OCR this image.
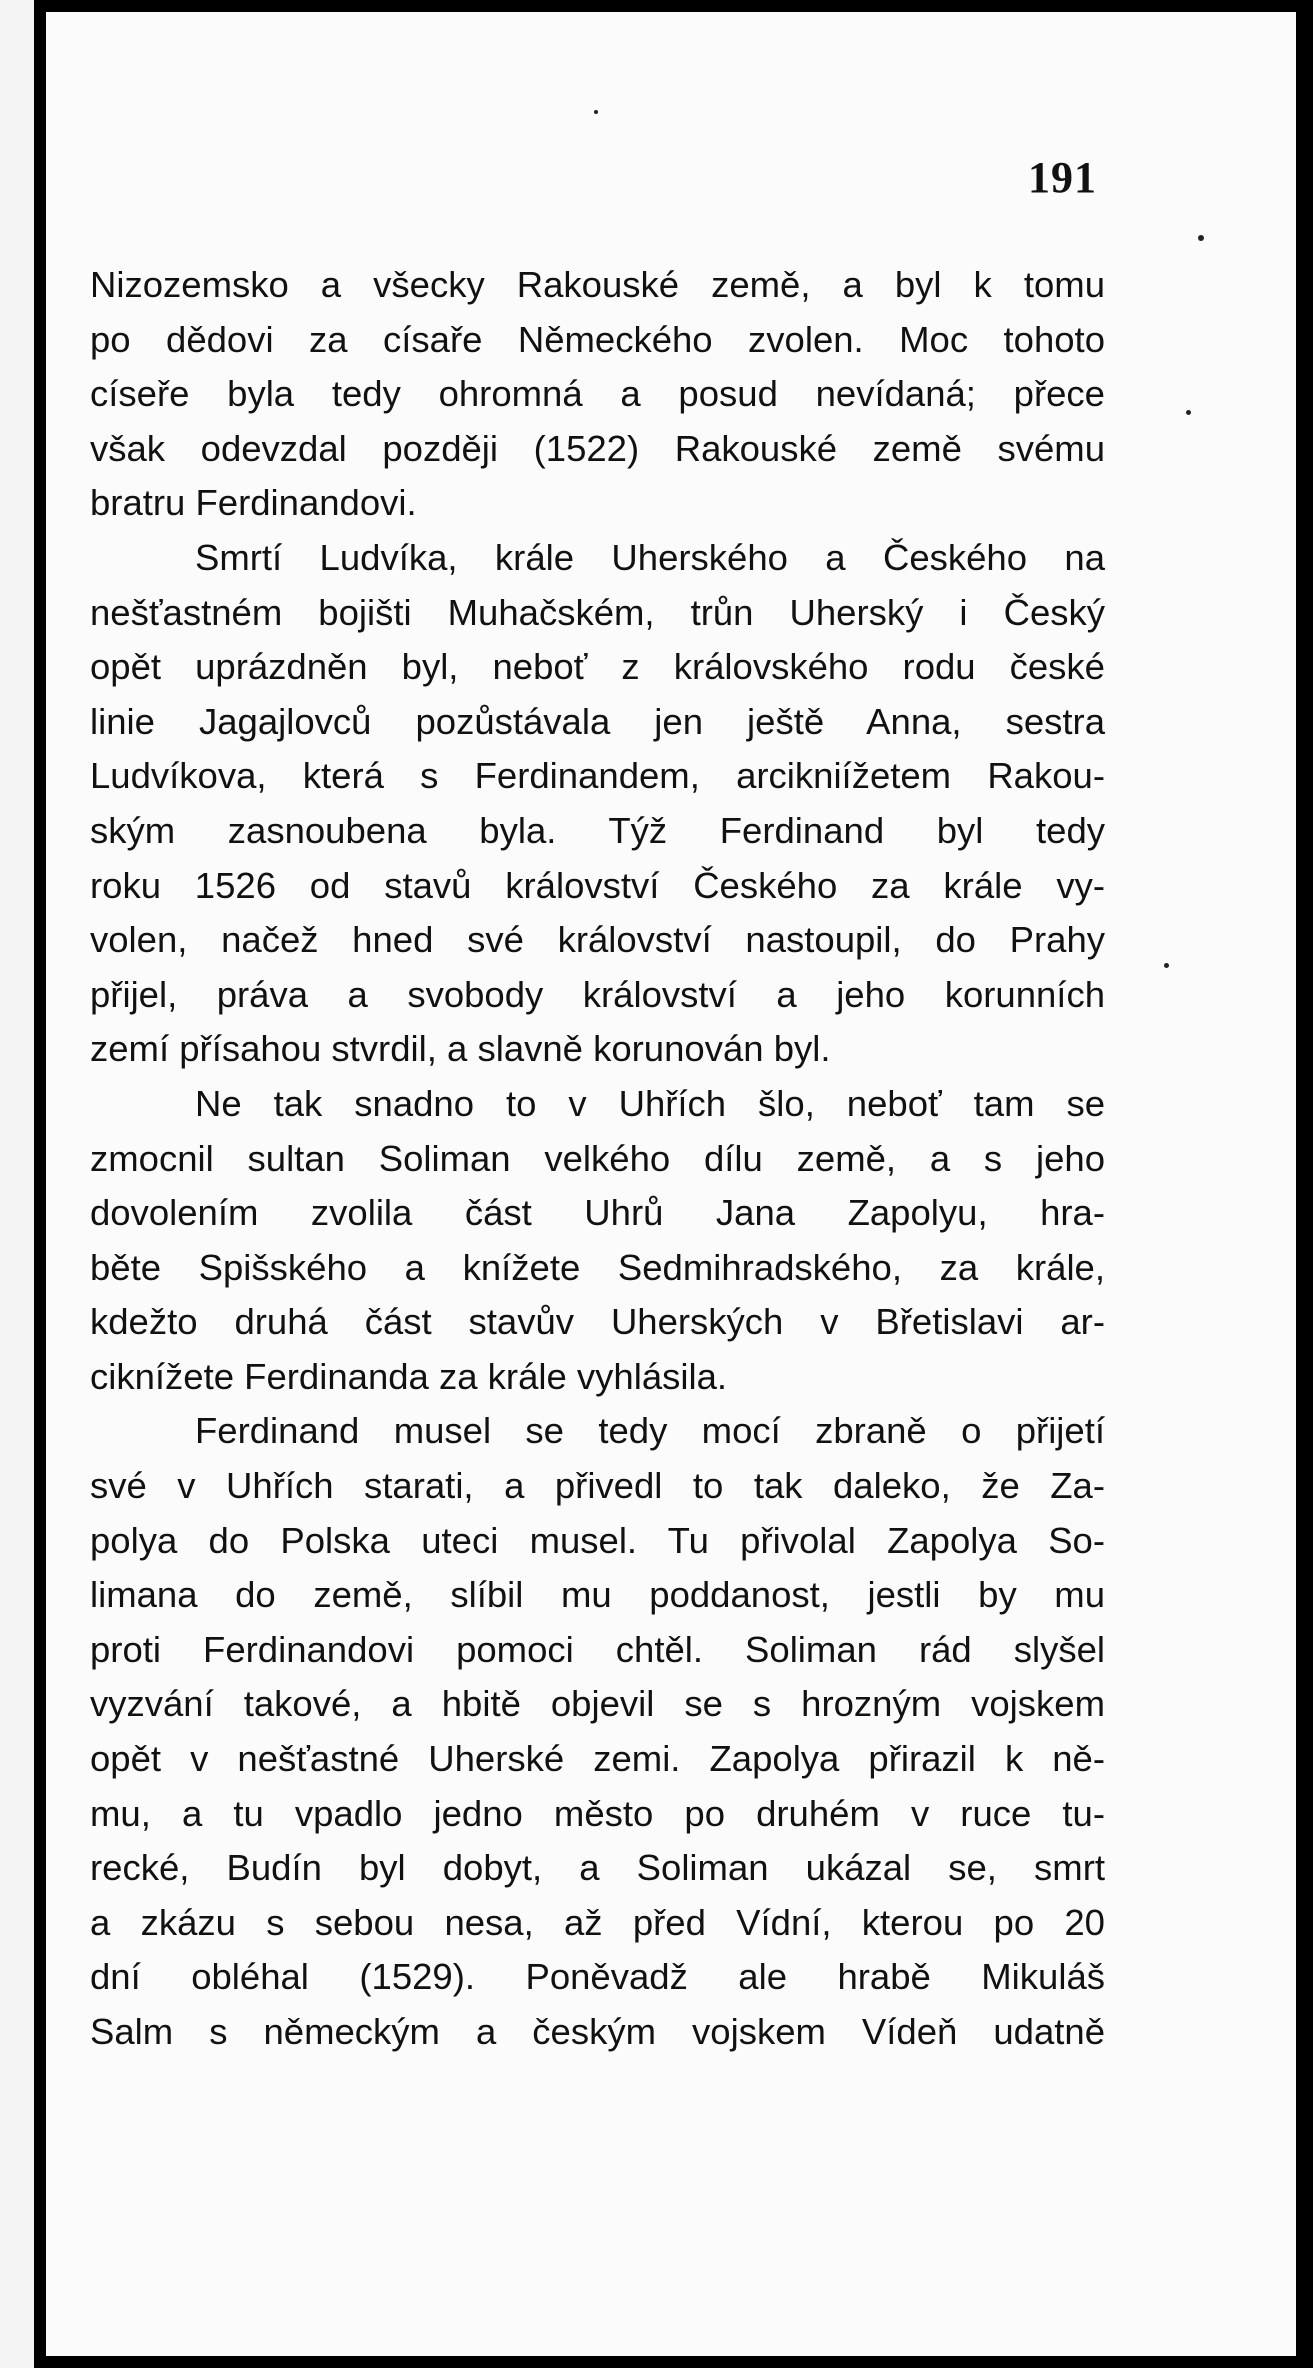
191
Nizozemsko a všecky Rakouské země, a byl k tomu
po dědovi za císaře Německého zvolen. Moc tohoto
císeře byla tedy ohromná a posud nevídaná; přece
však odevzdal později (1522) Rakouské země svému
bratru Ferdinandovi.
Smrtí Ludvíka, krále Uherského a Českého na
nešťastném bojišti Muhačském, trůn Uherský i Český
opět uprázdněn byl, neboť z královského rodu české
linie Jagajlovců pozůstávala jen ještě Anna, sestra
Ludvíkova, která s Ferdinandem, arcikniížetem Rakou-
ským zasnoubena byla. Týž Ferdinand byl tedy
roku 1526 od stavů království Českého za krále vy-
volen, načež hned své království nastoupil, do Prahy
přijel, práva a svobody království a jeho korunních
zemí přísahou stvrdil, a slavně korunován byl.
Ne tak snadno to v Uhřích šlo, neboť tam se
zmocnil sultan Soliman velkého dílu země, a s jeho
dovolením zvolila část Uhrů Jana Zapolyu, hra-
běte Spišského a knížete Sedmihradského, za krále,
kdežto druhá část stavův Uherských v Břetislavi ar-
ciknížete Ferdinanda za krále vyhlásila.
Ferdinand musel se tedy mocí zbraně o přijetí
své v Uhřích starati, a přivedl to tak daleko, že Za-
polya do Polska uteci musel. Tu přivolal Zapolya So-
limana do země, slíbil mu poddanost, jestli by mu
proti Ferdinandovi pomoci chtěl. Soliman rád slyšel
vyzvání takové, a hbitě objevil se s hrozným vojskem
opět v nešťastné Uherské zemi. Zapolya přirazil k ně-
mu, a tu vpadlo jedno město po druhém v ruce tu-
recké, Budín byl dobyt, a Soliman ukázal se, smrt
a zkázu s sebou nesa, až před Vídní, kterou po 20
dní obléhal (1529). Poněvadž ale hrabě Mikuláš
Salm s německým a českým vojskem Vídeň udatně
